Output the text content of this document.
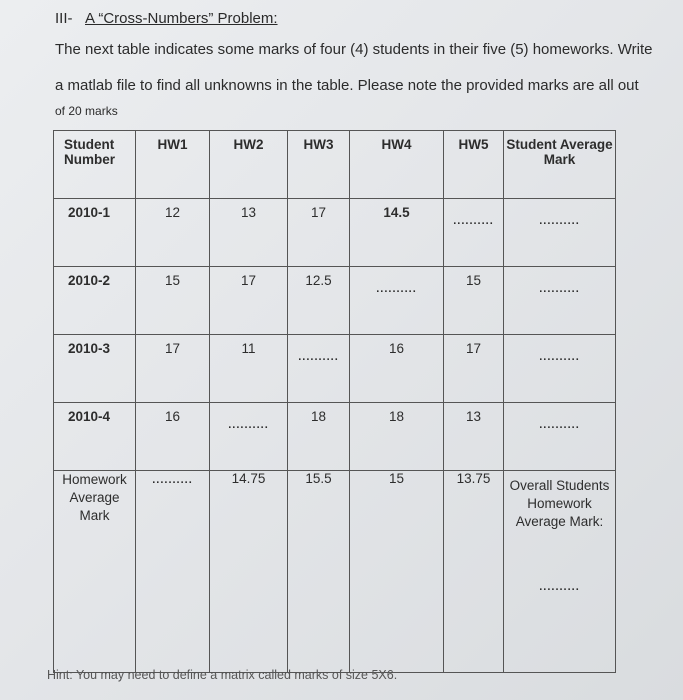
III- A “Cross-Numbers” Problem:
The next table indicates some marks of four (4) students in their five (5) homeworks. Write
a matlab file to find all unknowns in the table. Please note the provided marks are all out
of 20 marks
Student Number	HW1	HW2	HW3	HW4	HW5	Student Average Mark
2010-1	12	13	17	14.5	..........	..........
2010-2	15	17	12.5	..........	15	..........
2010-3	17	11	..........	16	17	..........
2010-4	16	..........	18	18	13	..........
Homework Average Mark	..........	14.75	15.5	15	13.75	Overall Students Homework Average Mark:
..........
Hint: You may need to define a matrix called marks of size 5X6.
